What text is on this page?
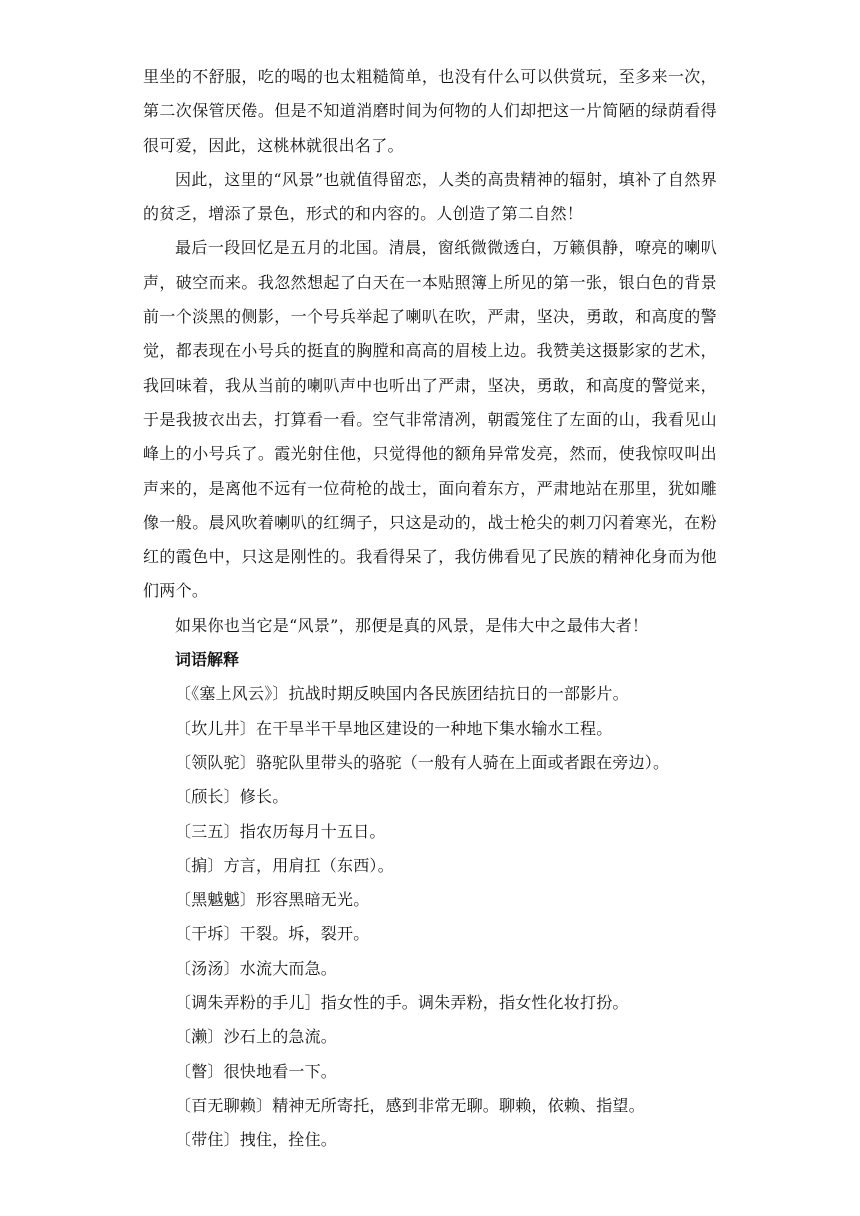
里坐的不舒服，吃的喝的也太粗糙简单，也没有什么可以供赏玩，至多来一次，第二次保管厌倦。但是不知道消磨时间为何物的人们却把这一片简陋的绿荫看得很可爱，因此，这桃林就很出名了。

因此，这里的“风景”也就值得留恋，人类的高贵精神的辐射，填补了自然界的贫乏，增添了景色，形式的和内容的。人创造了第二自然！

最后一段回忆是五月的北国。清晨，窗纸微微透白，万籁俱静，嘹亮的喇叭声，破空而来。我忽然想起了白天在一本贴照簿上所见的第一张，银白色的背景前一个淡黑的侧影，一个号兵举起了喇叭在吹，严肃，坚决，勇敢，和高度的警觉，都表现在小号兵的挺直的胸膛和高高的眉棱上边。我赞美这摄影家的艺术，我回味着，我从当前的喇叭声中也听出了严肃，坚决，勇敢，和高度的警觉来，于是我披衣出去，打算看一看。空气非常清冽，朝霞笼住了左面的山，我看见山峰上的小号兵了。霞光射住他，只觉得他的额角异常发亮，然而，使我惊叹叫出声来的，是离他不远有一位荷枪的战士，面向着东方，严肃地站在那里，犹如雕像一般。晨风吹着喇叭的红绸子，只这是动的，战士枪尖的刺刀闪着寒光，在粉红的霞色中，只这是刚性的。我看得呆了，我仿佛看见了民族的精神化身而为他们两个。

如果你也当它是“风景”，那便是真的风景，是伟大中之最伟大者！

词语解释

〔《塞上风云》〕抗战时期反映国内各民族团结抗日的一部影片。
〔坎儿井〕在干旱半干旱地区建设的一种地下集水输水工程。
〔领队驼〕骆驼队里带头的骆驼（一般有人骑在上面或者跟在旁边）。
〔颀长〕修长。
〔三五〕指农历每月十五日。
〔掮〕方言，用肩扛（东西）。
〔黑魆魆〕形容黑暗无光。
〔干坼〕干裂。坼，裂开。
〔汤汤〕水流大而急。
〔调朱弄粉的手儿］指女性的手。调朱弄粉，指女性化妆打扮。
〔濑〕沙石上的急流。
〔瞥〕很快地看一下。
〔百无聊赖〕精神无所寄托，感到非常无聊。聊赖，依赖、指望。
〔带住〕拽住，拴住。
